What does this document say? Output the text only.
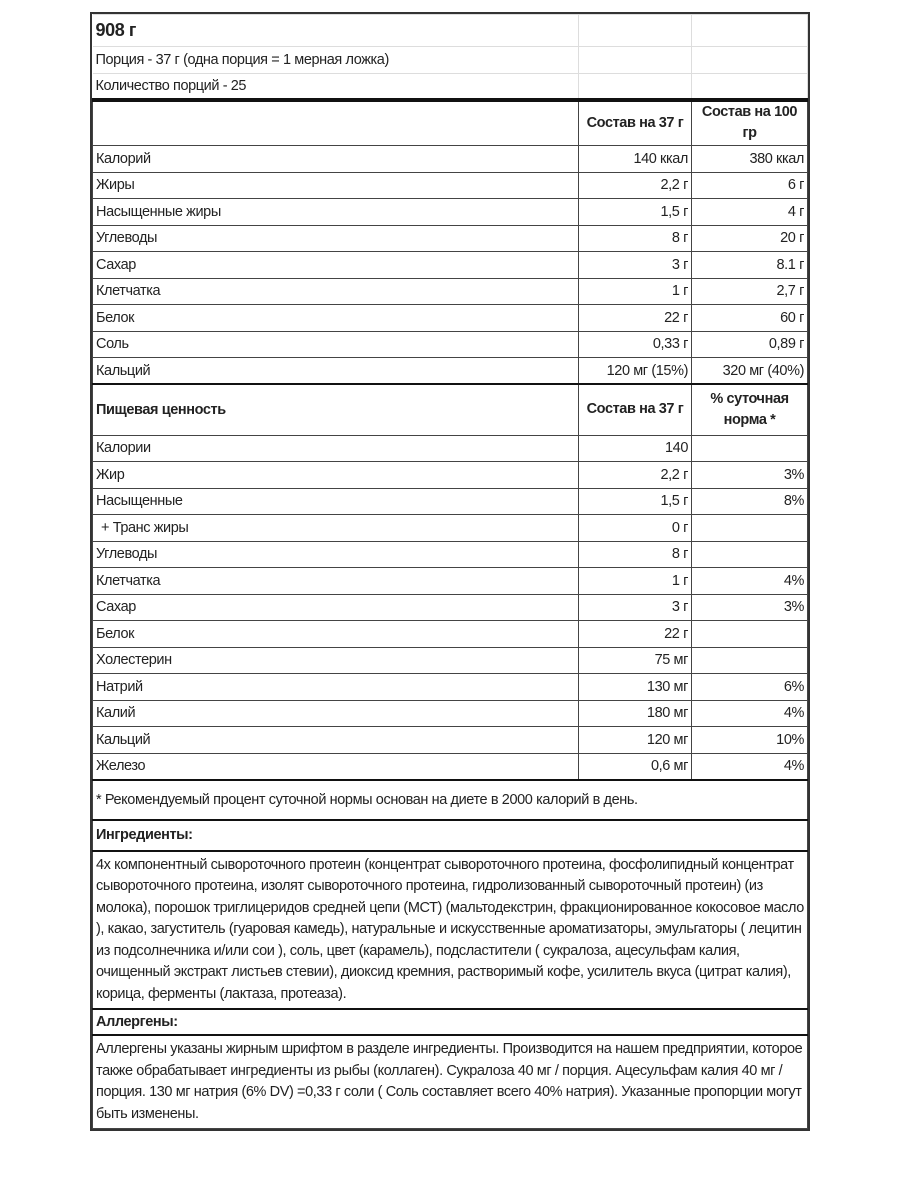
908 г		
Порция - 37 г (одна порция = 1 мерная ложка)		
Количество порций - 25		
	Состав на 37 г	Состав на 100 гр
Калорий	140 ккал	380 ккал
Жиры	2,2 г	6 г
Насыщенные жиры	1,5 г	4 г
Углеводы	8 г	20 г
Сахар	3 г	8.1 г
Клетчатка	1 г	2,7 г
Белок	22 г	60 г
Соль	0,33 г	0,89 г
Кальций	120 мг (15%)	320 мг (40%)
Пищевая ценность	Состав на 37 г	% суточная норма *
Калории	140	
Жир	2,2 г	3%
Насыщенные	1,5 г	8%
+ Транс жиры	0 г	
Углеводы	8 г	
Клетчатка	1 г	4%
Сахар	3 г	3%
Белок	22 г	
Холестерин	75 мг	
Натрий	130 мг	6%
Калий	180 мг	4%
Кальций	120 мг	10%
Железо	0,6 мг	4%
* Рекомендуемый процент суточной нормы основан на диете в 2000 калорий в день.		
Ингредиенты:		
4х компонентный сывороточного протеин (концентрат сывороточного протеина, фосфолипидный концентрат сывороточного протеина, изолят сывороточного протеина, гидролизованный сывороточный протеин) (из молока), порошок триглицеридов средней цепи (МСТ) (мальтодекстрин, фракционированное кокосовое масло ), какао, загуститель (гуаровая камедь), натуральные и искусственные ароматизаторы, эмульгаторы ( лецитин из подсолнечника и/или сои ), соль, цвет (карамель), подсластители ( сукралоза, ацесульфам калия, очищенный экстракт листьев стевии), диоксид кремния, растворимый кофе, усилитель вкуса (цитрат калия), корица, ферменты (лактаза, протеаза).		
Аллергены:		
Аллергены указаны жирным шрифтом в разделе ингредиенты. Производится на нашем предприятии, которое также обрабатывает ингредиенты из рыбы (коллаген). Сукралоза 40 мг / порция. Ацесульфам калия 40 мг / порция. 130 мг натрия (6% DV) =0,33 г соли ( Соль составляет всего 40% натрия). Указанные пропорции могут быть изменены.		
